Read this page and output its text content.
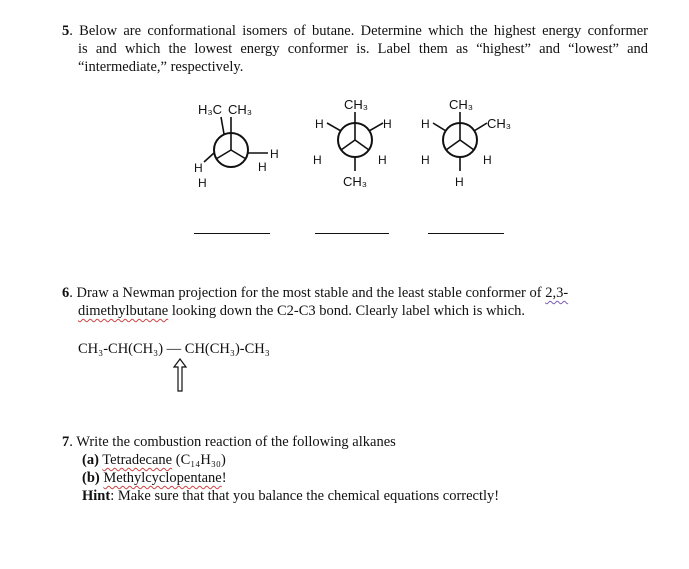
5. Below are conformational isomers of butane. Determine which the highest energy conformer
is and which the lowest energy conformer is. Label them as “highest” and “lowest” and
“intermediate,” respectively.
H₃C CH₃
H
H
H
H
CH₃
H	H
H	H
CH₃
CH₃
H	CH₃
H	H
H
6. Draw a Newman projection for the most stable and the least stable conformer of 2,3-
dimethylbutane looking down the C2-C3 bond. Clearly label which is which.
CH₃-CH(CH₃) — CH(CH₃)-CH₃
7. Write the combustion reaction of the following alkanes
(a) Tetradecane (C₁₄H₃₀)
(b) Methylcyclopentane!
Hint: Make sure that that you balance the chemical equations correctly!
